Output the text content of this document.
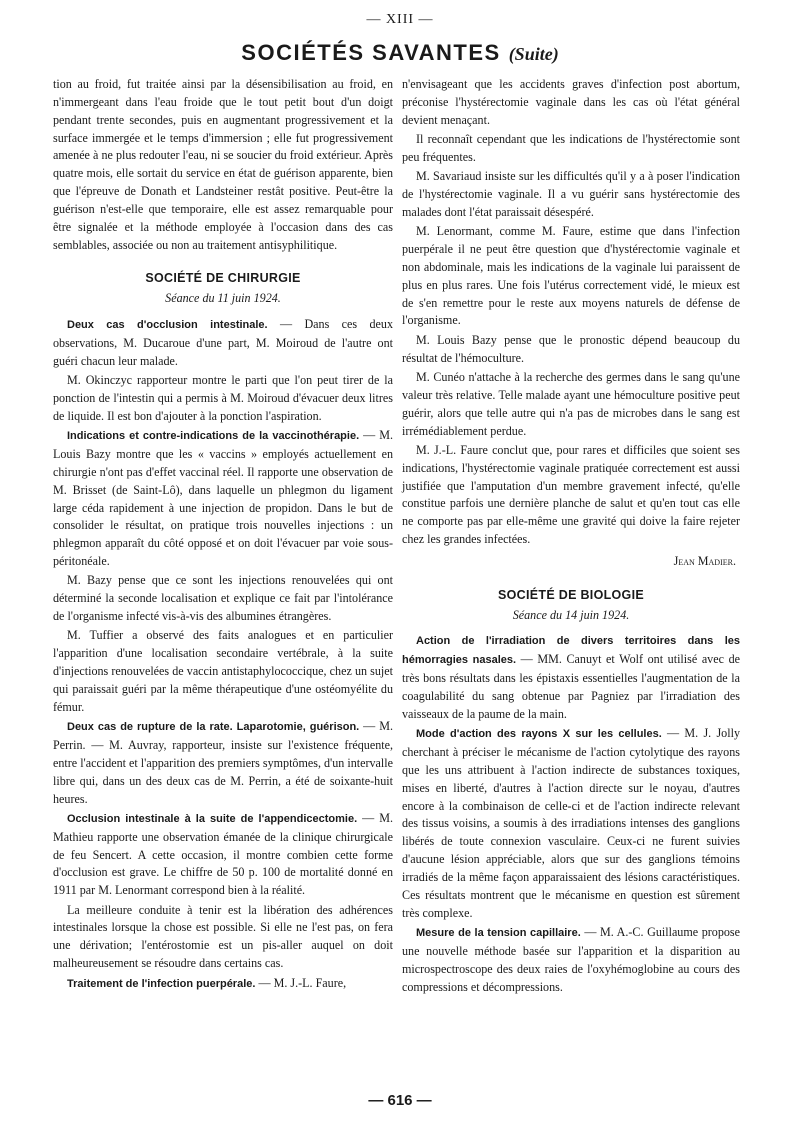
— XIII —
SOCIÉTÉS SAVANTES (Suite)

tion au froid, fut traitée ainsi par la désensibilisation au froid, en n'immergeant dans l'eau froide que le tout petit bout d'un doigt pendant trente secondes, puis en augmentant progressivement et la surface immergée et le temps d'immersion ; elle fut progressivement amenée à ne plus redouter l'eau, ni se soucier du froid extérieur. Après quatre mois, elle sortait du service en état de guérison apparente, bien que l'épreuve de Donath et Landsteiner restât positive. Peut-être la guérison n'est-elle que temporaire, elle est assez remarquable pour être signalée et la méthode employée à l'occasion dans des cas semblables, associée ou non au traitement antisyphilitique.

SOCIÉTÉ DE CHIRURGIE
Séance du 11 juin 1924.

Deux cas d'occlusion intestinale. — Dans ces deux observations, M. Ducaroue d'une part, M. Moiroud de l'autre ont guéri chacun leur malade.

M. Okinczyc rapporteur montre le parti que l'on peut tirer de la ponction de l'intestin qui a permis à M. Moiroud d'évacuer deux litres de liquide. Il est bon d'ajouter à la ponction l'aspiration.

Indications et contre-indications de la vaccinothérapie. — M. Louis Bazy montre que les « vaccins » employés actuellement en chirurgie n'ont pas d'effet vaccinal réel. Il rapporte une observation de M. Brisset (de Saint-Lô), dans laquelle un phlegmon du ligament large céda rapidement à une injection de propidon. Dans le but de consolider le résultat, on pratique trois nouvelles injections : un phlegmon apparaît du côté opposé et on doit l'évacuer par voie sous-péritonéale.

M. Bazy pense que ce sont les injections renouvelées qui ont déterminé la seconde localisation et explique ce fait par l'intolérance de l'organisme infecté vis-à-vis des albumines étrangères.

M. Tuffier a observé des faits analogues et en particulier l'apparition d'une localisation secondaire vertébrale, à la suite d'injections renouvelées de vaccin antistaphylococcique, chez un sujet qui paraissait guéri par la même thérapeutique d'une ostéomyélite du fémur.

Deux cas de rupture de la rate. Laparotomie, guérison. — M. Perrin. — M. Auvray, rapporteur, insiste sur l'existence fréquente, entre l'accident et l'apparition des premiers symptômes, d'un intervalle libre qui, dans un des deux cas de M. Perrin, a été de soixante-huit heures.

Occlusion intestinale à la suite de l'appendicectomie. — M. Mathieu rapporte une observation émanée de la clinique chirurgicale de feu Sencert. A cette occasion, il montre combien cette forme d'occlusion est grave. Le chiffre de 50 p. 100 de mortalité donné en 1911 par M. Lenormant correspond bien à la réalité.

La meilleure conduite à tenir est la libération des adhérences intestinales lorsque la chose est possible. Si elle ne l'est pas, on fera une dérivation; l'entérostomie est un pis-aller auquel on doit malheureusement se résoudre dans certains cas.

Traitement de l'infection puerpérale. — M. J.-L. Faure,

n'envisageant que les accidents graves d'infection post abortum, préconise l'hystérectomie vaginale dans les cas où l'état général devient menaçant.

Il reconnaît cependant que les indications de l'hystérectomie sont peu fréquentes.

M. Savariaud insiste sur les difficultés qu'il y a à poser l'indication de l'hystérectomie vaginale. Il a vu guérir sans hystérectomie des malades dont l'état paraissait désespéré.

M. Lenormant, comme M. Faure, estime que dans l'infection puerpérale il ne peut être question que d'hystérectomie vaginale et non abdominale, mais les indications de la vaginale lui paraissent de plus en plus rares. Une fois l'utérus correctement vidé, le mieux est de s'en remettre pour le reste aux moyens naturels de défense de l'organisme.

M. Louis Bazy pense que le pronostic dépend beaucoup du résultat de l'hémoculture.

M. Cunéo n'attache à la recherche des germes dans le sang qu'une valeur très relative. Telle malade ayant une hémoculture positive peut guérir, alors que telle autre qui n'a pas de microbes dans le sang est irrémédiablement perdue.

M. J.-L. Faure conclut que, pour rares et difficiles que soient ses indications, l'hystérectomie vaginale pratiquée correctement est aussi justifiée que l'amputation d'un membre gravement infecté, qu'elle constitue parfois une dernière planche de salut et qu'en tout cas elle ne comporte pas par elle-même une gravité qui doive la faire rejeter chez les grandes infectées.

Jean Madier.
SOCIÉTÉ DE BIOLOGIE
Séance du 14 juin 1924.

Action de l'irradiation de divers territoires dans les hémorragies nasales. — MM. Canuyt et Wolf ont utilisé avec de très bons résultats dans les épistaxis essentielles l'augmentation de la coagulabilité du sang obtenue par Pagniez par l'irradiation des vaisseaux de la paume de la main.

Mode d'action des rayons X sur les cellules. — M. J. Jolly cherchant à préciser le mécanisme de l'action cytolytique des rayons que les uns attribuent à l'action indirecte de substances toxiques, mises en liberté, d'autres à l'action directe sur le noyau, d'autres encore à la combinaison de celle-ci et de l'action indirecte relevant des tissus voisins, a soumis à des irradiations intenses des ganglions libérés de toute connexion vasculaire. Ceux-ci ne furent suivies d'aucune lésion appréciable, alors que sur des ganglions témoins irradiés de la même façon apparaissaient des lésions caractéristiques. Ces résultats montrent que le mécanisme en question est sûrement très complexe.

Mesure de la tension capillaire. — M. A.-C. Guillaume propose une nouvelle méthode basée sur l'apparition et la disparition au microspectroscope des deux raies de l'oxyhémoglobine au cours des compressions et décompressions.

— 616 —
